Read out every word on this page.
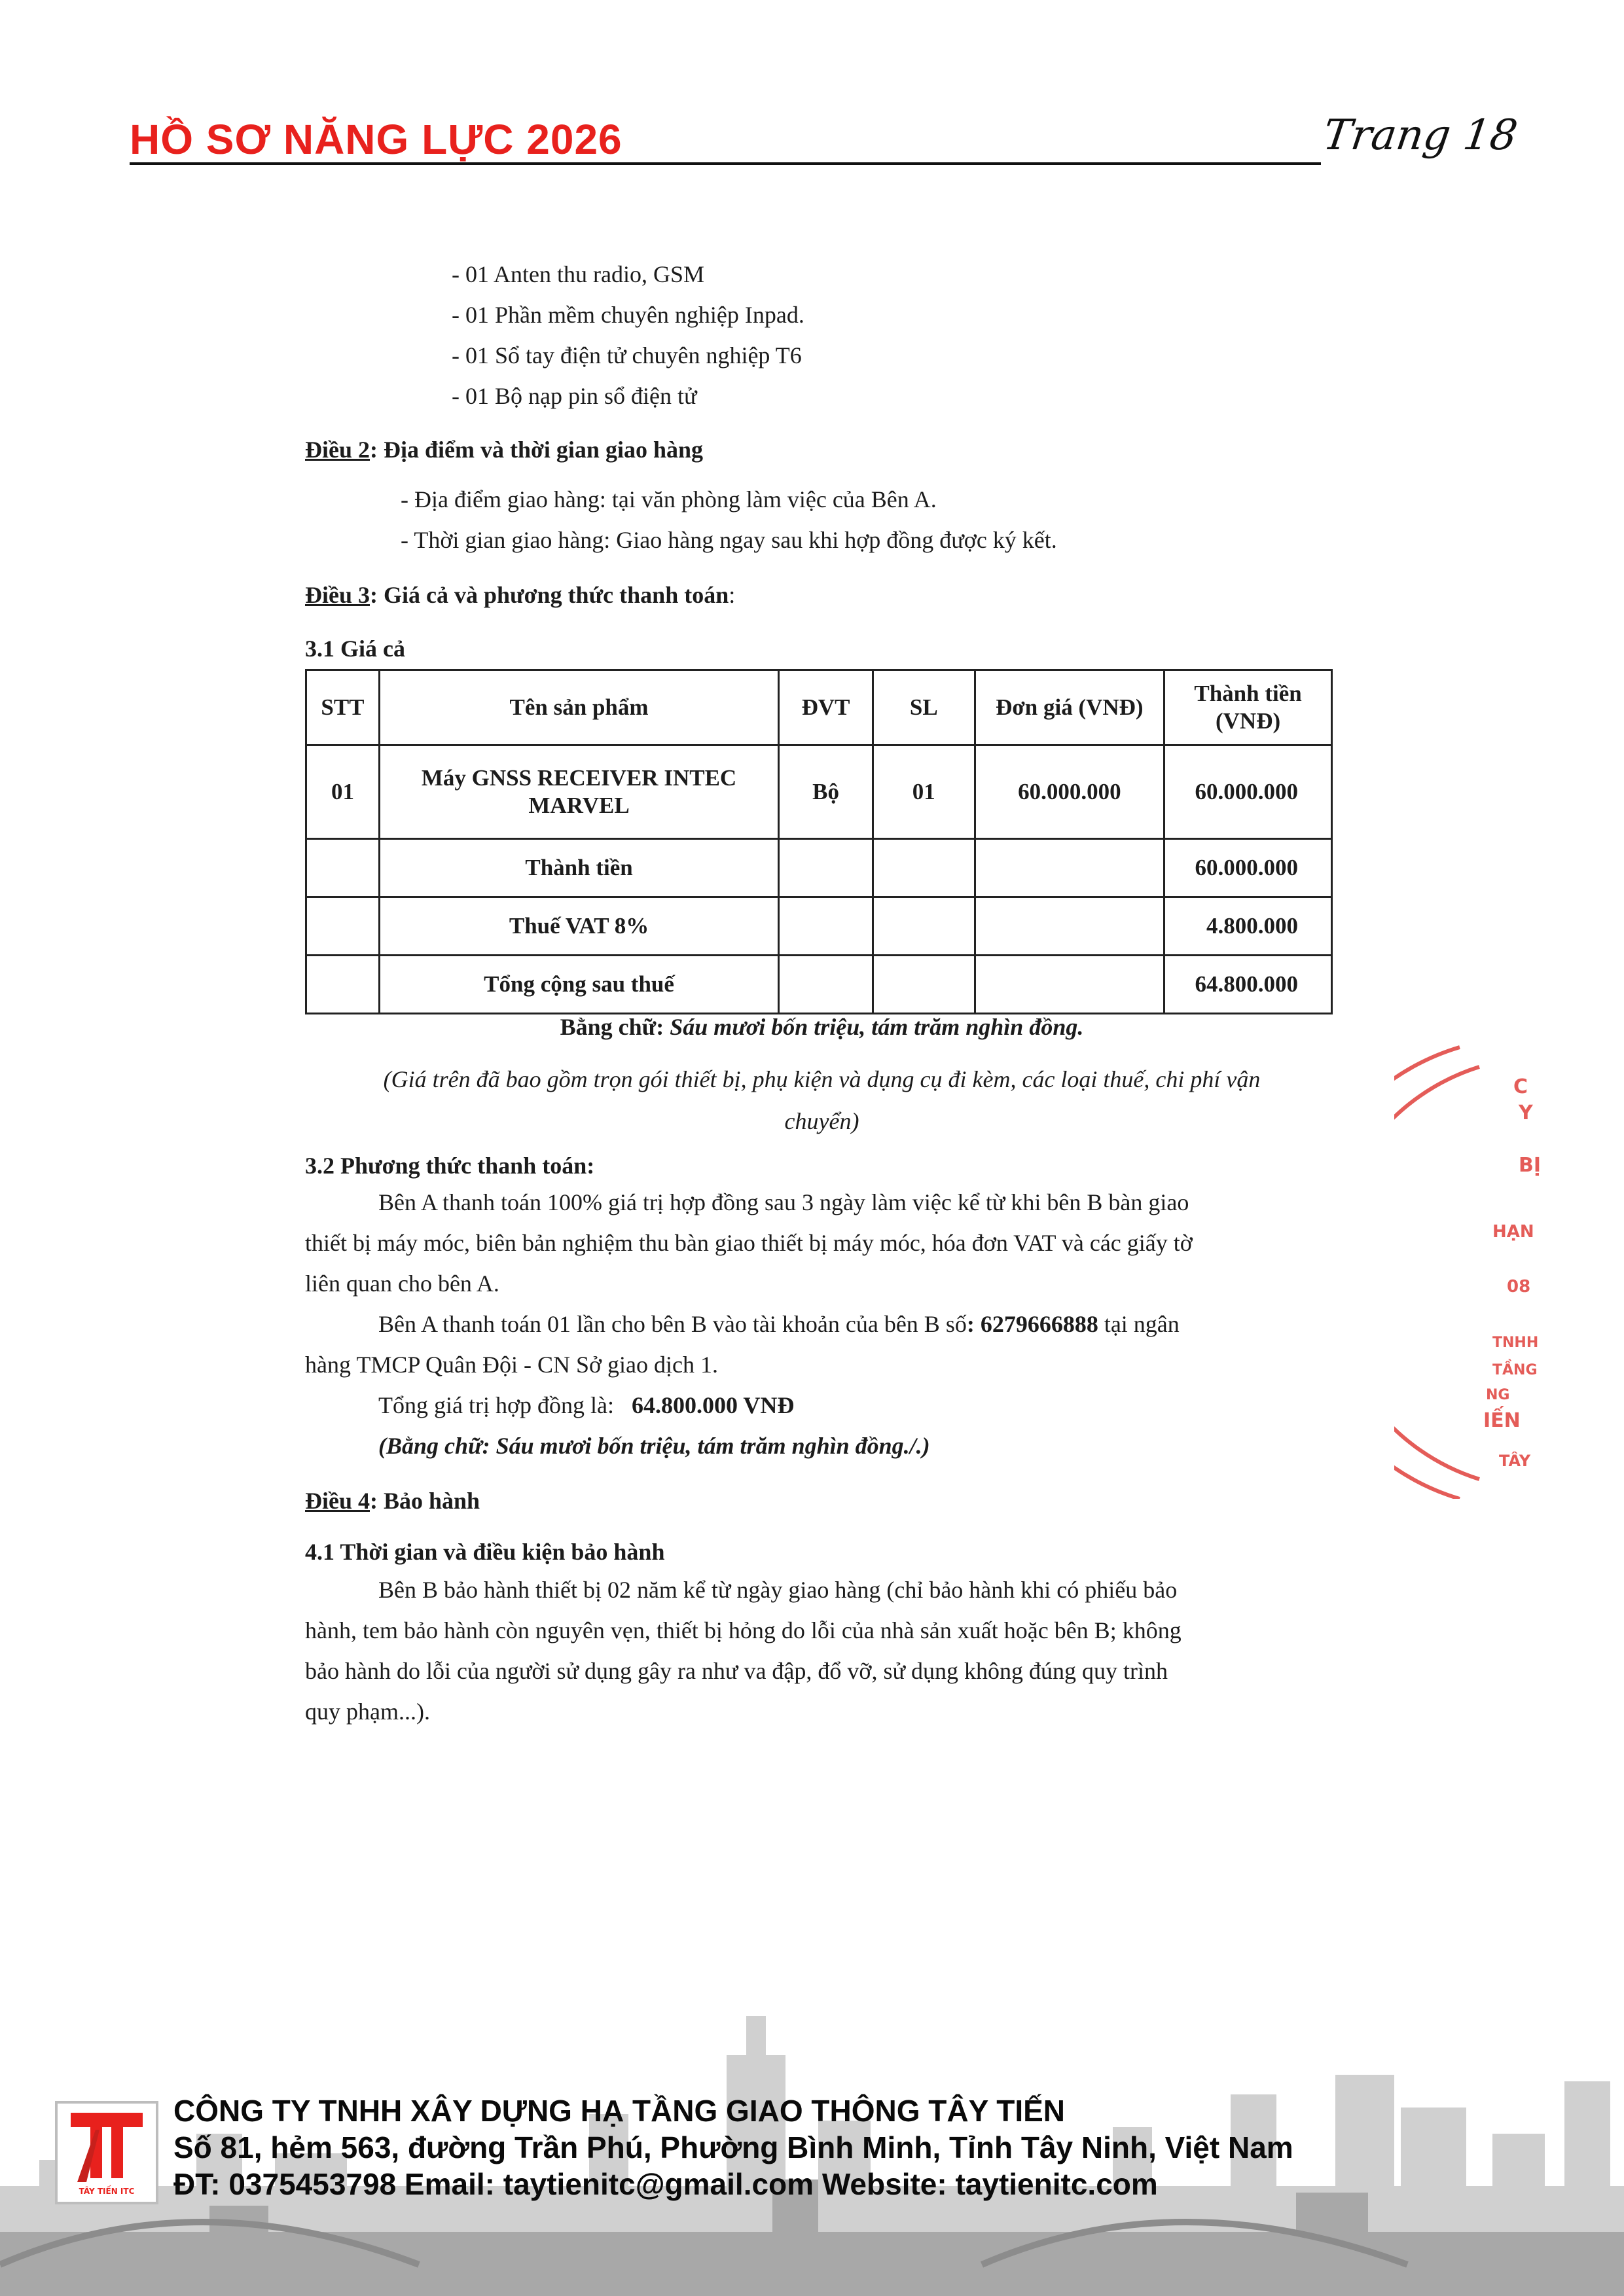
HỒ SƠ NĂNG LỰC 2026	Trang 18
- 01 Anten thu radio, GSM
- 01 Phần mềm chuyên nghiệp Inpad.
- 01 Sổ tay điện tử chuyên nghiệp T6
- 01 Bộ nạp pin sổ điện tử
Điều 2: Địa điểm và thời gian giao hàng
- Địa điểm giao hàng: tại văn phòng làm việc của Bên A.
- Thời gian giao hàng: Giao hàng ngay sau khi hợp đồng được ký kết.
Điều 3: Giá cả và phương thức thanh toán:
3.1 Giá cả
STT	Tên sản phẩm	ĐVT	SL	Đơn giá (VNĐ)	Thành tiền (VNĐ)
01	Máy GNSS RECEIVER INTEC MARVEL	Bộ	01	60.000.000	60.000.000
	Thành tiền				60.000.000
	Thuế VAT 8%				4.800.000
	Tổng cộng sau thuế				64.800.000
Bằng chữ: Sáu mươi bốn triệu, tám trăm nghìn đồng.
(Giá trên đã bao gồm trọn gói thiết bị, phụ kiện và dụng cụ đi kèm, các loại thuế, chi phí vận
chuyển)
3.2 Phương thức thanh toán:
Bên A thanh toán 100% giá trị hợp đồng sau 3 ngày làm việc kể từ khi bên B bàn giao
thiết bị máy móc, biên bản nghiệm thu bàn giao thiết bị máy móc, hóa đơn VAT và các giấy tờ
liên quan cho bên A.
Bên A thanh toán 01 lần cho bên B vào tài khoản của bên B số: 6279666888 tại ngân
hàng TMCP Quân Đội - CN Sở giao dịch 1.
Tổng giá trị hợp đồng là: 64.800.000 VNĐ
(Bằng chữ: Sáu mươi bốn triệu, tám trăm nghìn đồng./.)
Điều 4: Bảo hành
4.1 Thời gian và điều kiện bảo hành
Bên B bảo hành thiết bị 02 năm kể từ ngày giao hàng (chỉ bảo hành khi có phiếu bảo
hành, tem bảo hành còn nguyên vẹn, thiết bị hỏng do lỗi của nhà sản xuất hoặc bên B; không
bảo hành do lỗi của người sử dụng gây ra như va đập, đổ vỡ, sử dụng không đúng quy trình
quy phạm...).
C
Y
BỊ
HẠN
08
TNHH
TẦNG
NG
IẾN
TÂY
TÂY TIẾN ITC
CÔNG TY TNHH XÂY DỰNG HẠ TẦNG GIAO THÔNG TÂY TIẾN
Số 81, hẻm 563, đường Trần Phú, Phường Bình Minh, Tỉnh Tây Ninh, Việt Nam
ĐT: 0375453798 Email: taytienitc@gmail.com Website: taytienitc.com
